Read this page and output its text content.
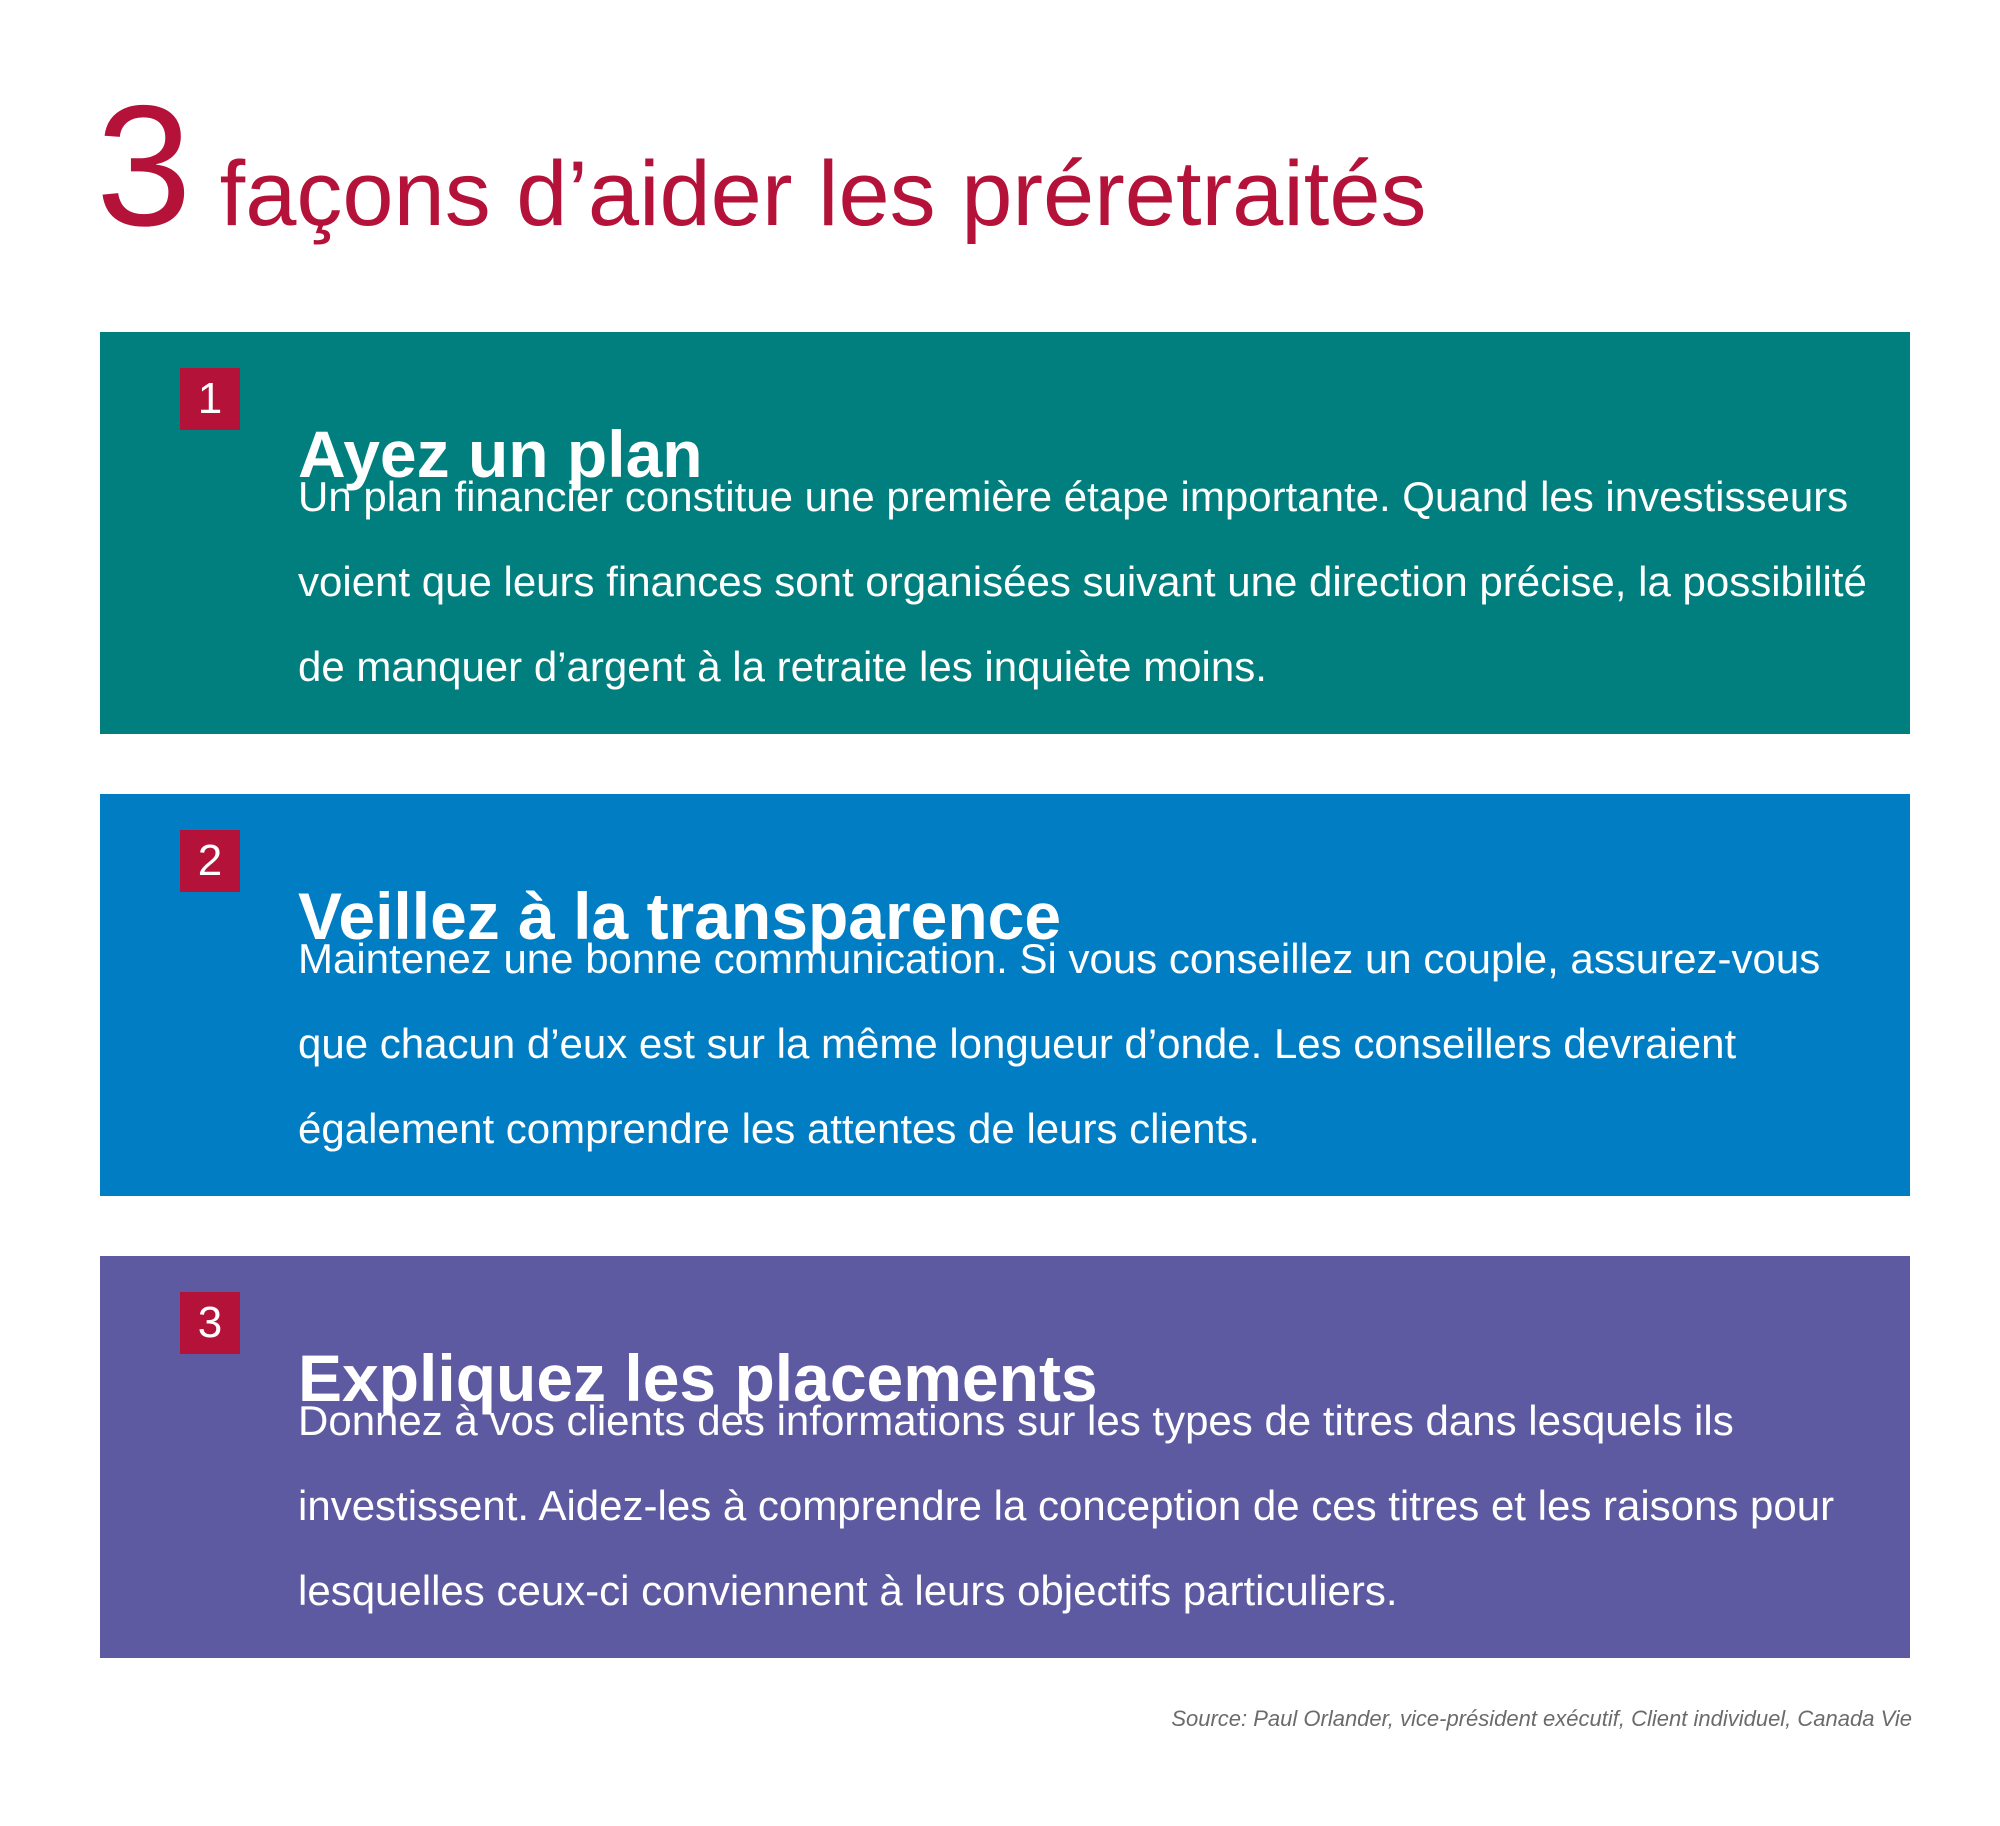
3 façons d’aider les préretraités
1
Ayez un plan

Un plan financier constitue une première étape importante. Quand les investisseurs voient que leurs finances sont organisées suivant une direction précise, la possibilité de manquer d’argent à la retraite les inquiète moins.

2
Veillez à la transparence

Maintenez une bonne communication. Si vous conseillez un couple, assurez-vous que chacun d’eux est sur la même longueur d’onde. Les conseillers devraient également comprendre les attentes de leurs clients.

3
Expliquez les placements

Donnez à vos clients des informations sur les types de titres dans lesquels ils investissent. Aidez-les à comprendre la conception de ces titres et les raisons pour lesquelles ceux-ci conviennent à leurs objectifs particuliers.

Source: Paul Orlander, vice-président exécutif, Client individuel, Canada Vie
